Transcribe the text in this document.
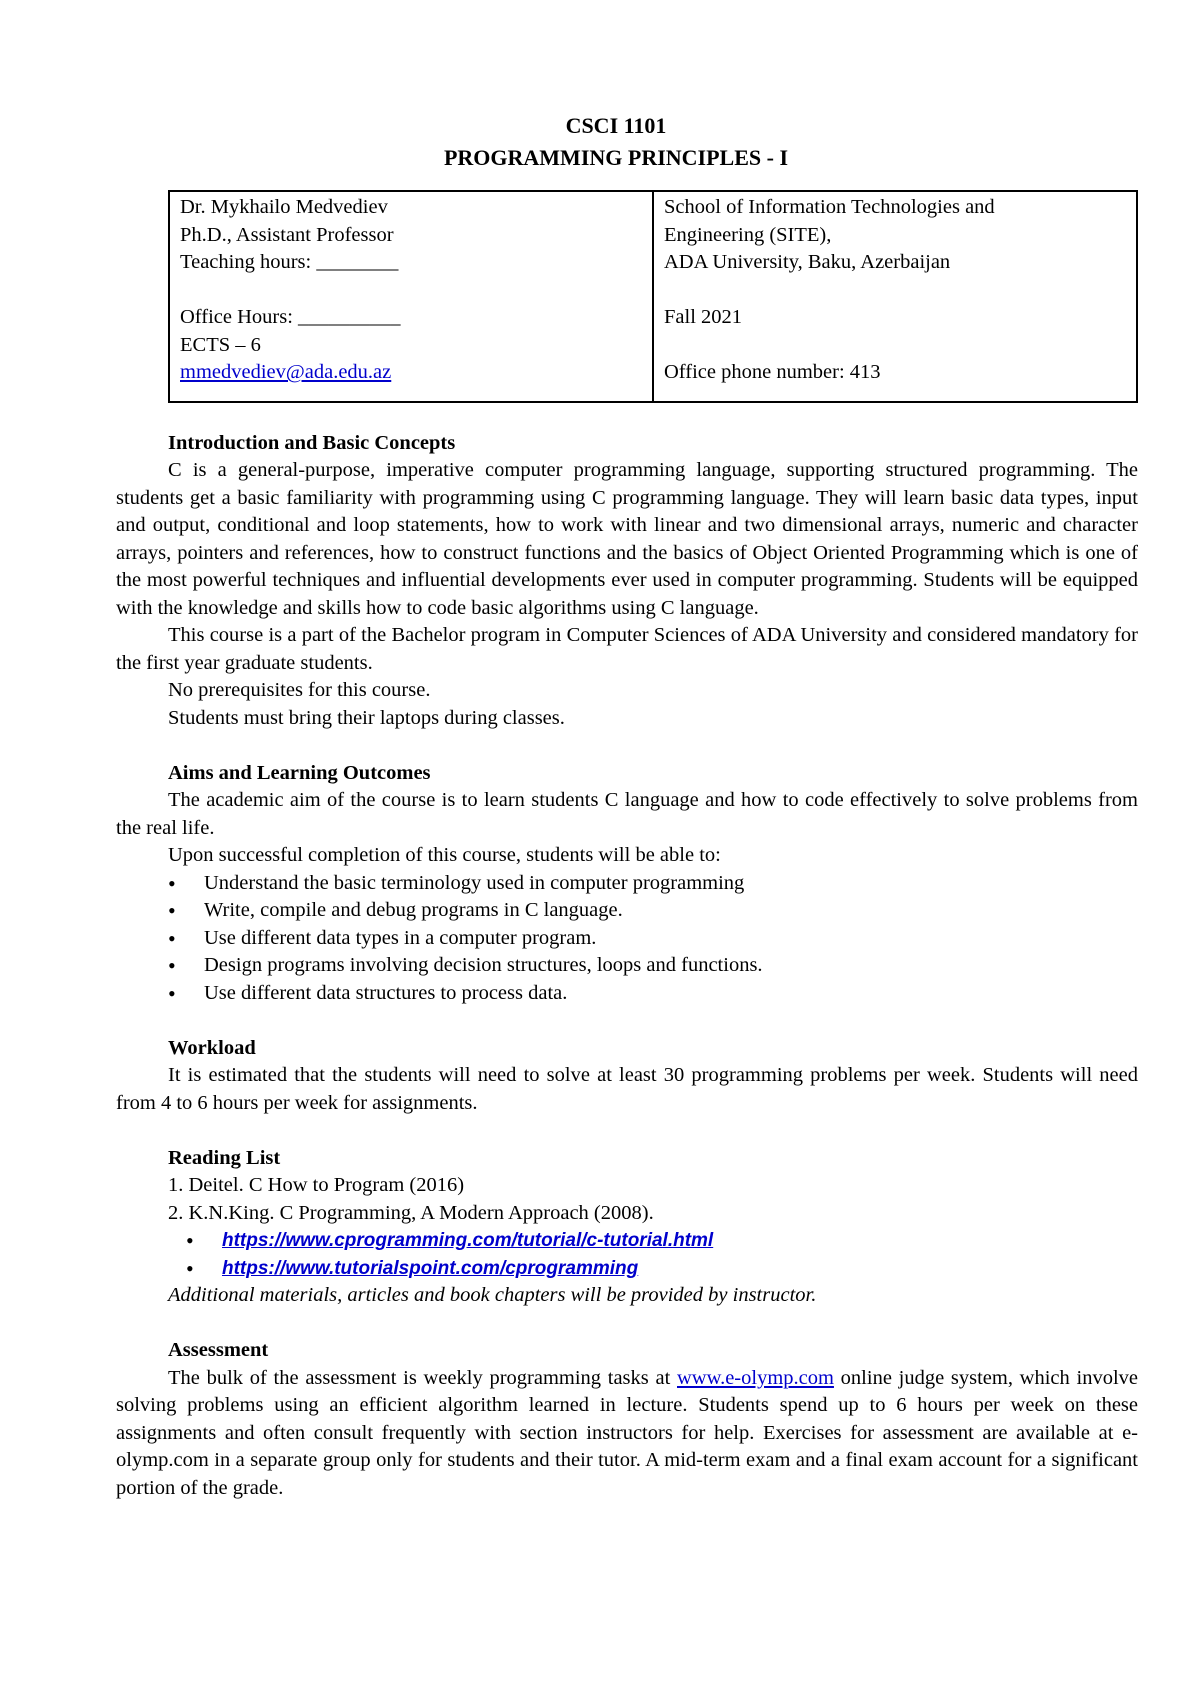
CSCI 1101

PROGRAMMING PRINCIPLES - I

Dr. Mykhailo Medvediev
Ph.D., Assistant Professor
Teaching hours: ________
Office Hours: __________
ECTS – 6
mmedvediev@ada.edu.az

School of Information Technologies and
Engineering (SITE),
ADA University, Baku, Azerbaijan
Fall 2021
Office phone number: 413

Introduction and Basic Concepts

C is a general-purpose, imperative computer programming language, supporting structured programming. The students get a basic familiarity with programming using C programming language. They will learn basic data types, input and output, conditional and loop statements, how to work with linear and two dimensional arrays, numeric and character arrays, pointers and references, how to construct functions and the basics of Object Oriented Programming which is one of the most powerful techniques and influential developments ever used in computer programming. Students will be equipped with the knowledge and skills how to code basic algorithms using C language.

This course is a part of the Bachelor program in Computer Sciences of ADA University and considered mandatory for the first year graduate students.

No prerequisites for this course.

Students must bring their laptops during classes.

Aims and Learning Outcomes

The academic aim of the course is to learn students C language and how to code effectively to solve problems from the real life.

Upon successful completion of this course, students will be able to:

• Understand the basic terminology used in computer programming
• Write, compile and debug programs in C language.
• Use different data types in a computer program.
• Design programs involving decision structures, loops and functions.
• Use different data structures to process data.

Workload

It is estimated that the students will need to solve at least 30 programming problems per week. Students will need from 4 to 6 hours per week for assignments.

Reading List

1. Deitel. C How to Program (2016)

2. K.N.King. C Programming, A Modern Approach (2008).

• https://www.cprogramming.com/tutorial/c-tutorial.html
• https://www.tutorialspoint.com/cprogramming

Additional materials, articles and book chapters will be provided by instructor.

Assessment

The bulk of the assessment is weekly programming tasks at www.e-olymp.com online judge system, which involve solving problems using an efficient algorithm learned in lecture. Students spend up to 6 hours per week on these assignments and often consult frequently with section instructors for help. Exercises for assessment are available at e-olymp.com in a separate group only for students and their tutor. A mid-term exam and a final exam account for a significant portion of the grade.
